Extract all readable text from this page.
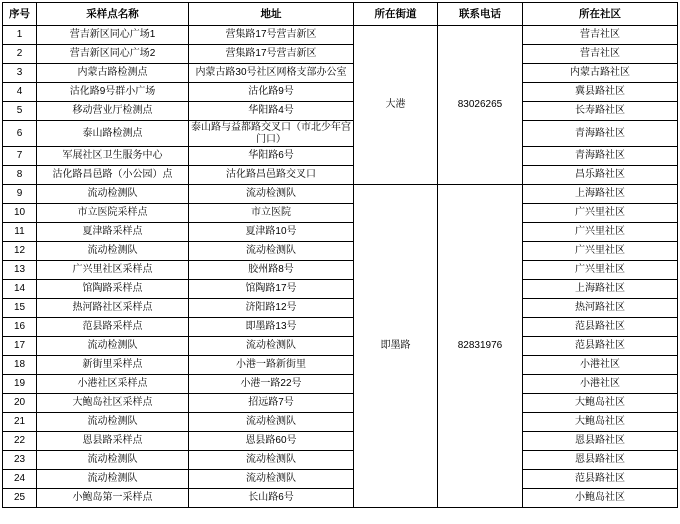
序号	采样点名称	地址	所在街道	联系电话	所在社区
1	营吉新区同心广场1	营集路17号营吉新区	大港	83026265	营吉社区
2	营吉新区同心广场2	营集路17号营吉新区			营吉社区
3	内蒙古路检测点	内蒙古路30号社区网格支部办公室			内蒙古路社区
4	沽化路9号群小广场	沽化路9号			冀县路社区
5	移动营业厅检测点	华阳路4号			长寿路社区
6	泰山路检测点	泰山路与益都路交叉口（市北少年宫门口）			青海路社区
7	军展社区卫生服务中心	华阳路6号			青海路社区
8	沽化路昌邑路（小公园）点	沽化路昌邑路交叉口			昌乐路社区
9	流动检测队	流动检测队	即墨路	82831976	上海路社区
10	市立医院采样点	市立医院			广兴里社区
11	夏津路采样点	夏津路10号			广兴里社区
12	流动检测队	流动检测队			广兴里社区
13	广兴里社区采样点	胶州路8号			广兴里社区
14	馆陶路采样点	馆陶路17号			上海路社区
15	热河路社区采样点	济阳路12号			热河路社区
16	范县路采样点	即墨路13号			范县路社区
17	流动检测队	流动检测队			范县路社区
18	新街里采样点	小港一路新街里			小港社区
19	小港社区采样点	小港一路22号			小港社区
20	大鲍岛社区采样点	招远路7号			大鲍岛社区
21	流动检测队	流动检测队			大鲍岛社区
22	恩县路采样点	恩县路60号			恩县路社区
23	流动检测队	流动检测队			恩县路社区
24	流动检测队	流动检测队			范县路社区
25	小鲍岛第一采样点	长山路6号			小鲍岛社区
